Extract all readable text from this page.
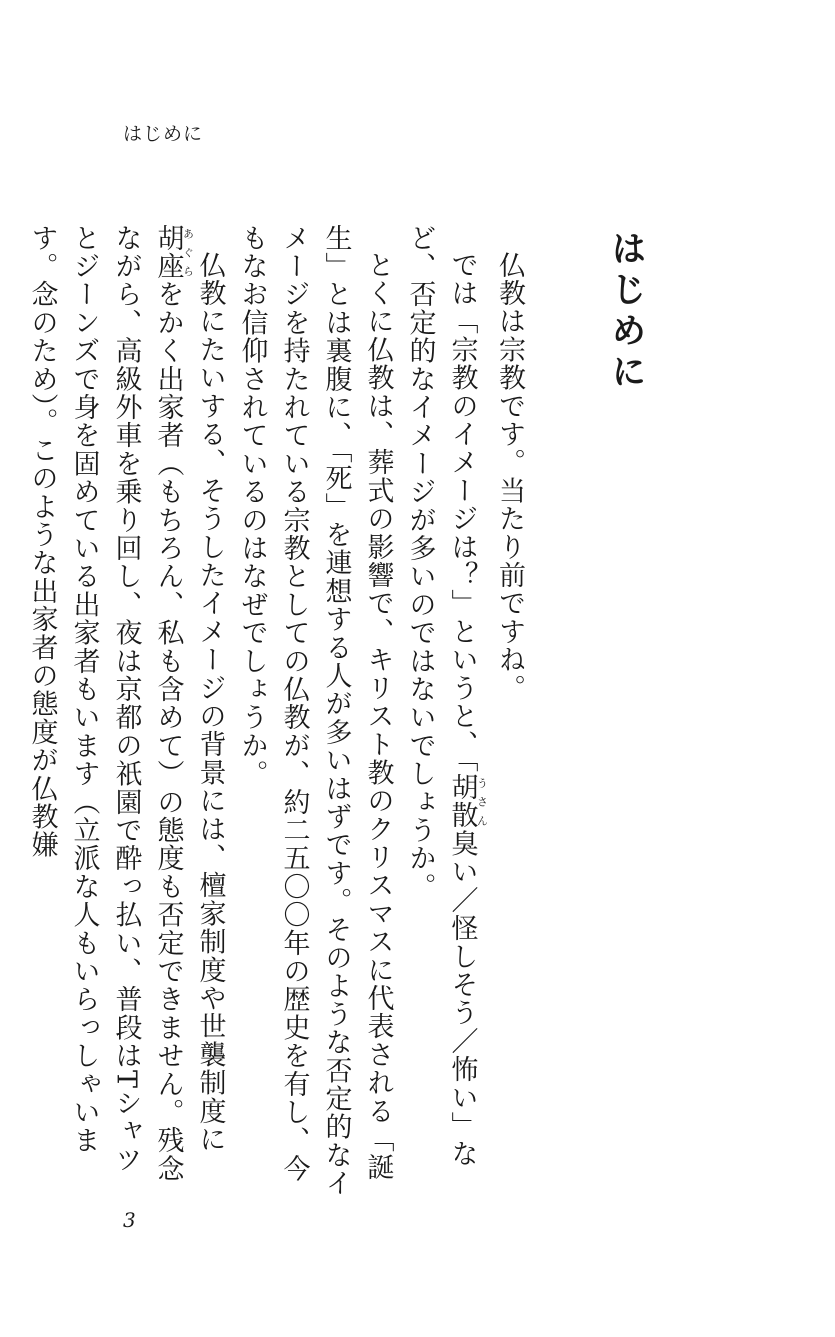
はじめに

はじめに

仏教は宗教です。当たり前ですね。

では「宗教のイメージは？」というと、「胡散うさん臭い／怪しそう／怖い」など、否定的なイメージが多いのではないでしょうか。

とくに仏教は、葬式の影響で、キリスト教のクリスマスに代表される「誕生」とは裏腹に、「死」を連想する人が多いはずです。そのような否定的なイメージを持たれている宗教としての仏教が、約二五〇〇年の歴史を有し、今もなお信仰されているのはなぜでしょうか。

仏教にたいする、そうしたイメージの背景には、檀家制度や世襲制度に胡座あぐらをかく出家者（もちろん、私も含めて）の態度も否定できません。残念ながら、高級外車を乗り回し、夜は京都の祇園で酔っ払い、普段はTシャツとジーンズで身を固めている出家者もいます（立派な人もいらっしゃいます。念のため）。このような出家者の態度が仏教嫌

3
